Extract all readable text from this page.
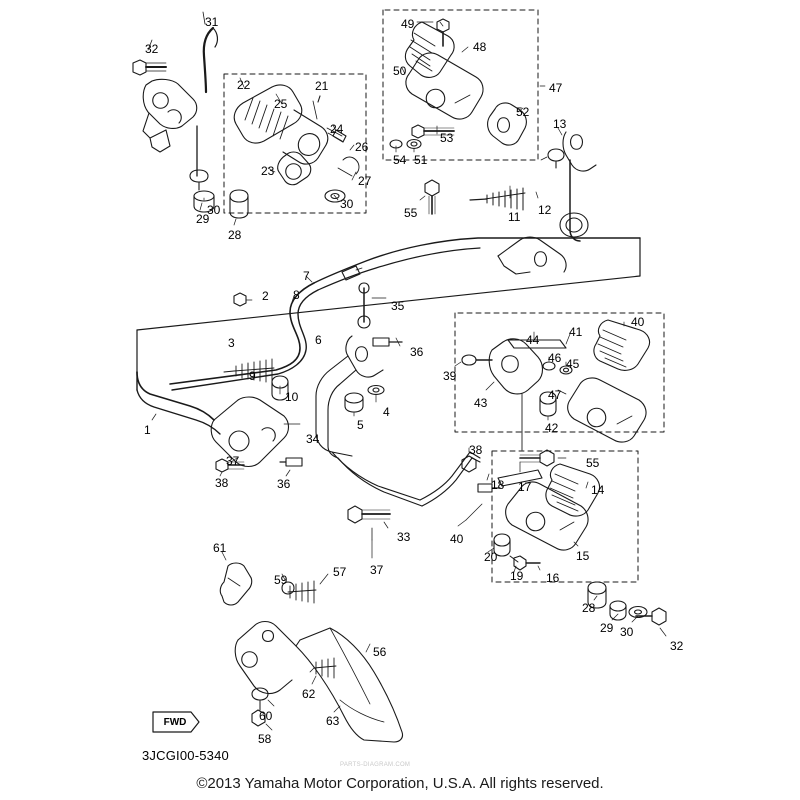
FWD
31	49
32	48
47
50
22	21
25
52
13
24
53
26
23
54 51
27
30
30
29
28
55	11 12
7
2 8
35
3	6
36
44
41
40
46 45
39
9
10	43
47
42
4
5
1
34
38
37
38	36
55
18 17	14
33	40
20	15
19 16
37
61
57
59
28
29 30
32
56
62
63
60
58
3JCGI00-5340
PARTS-DIAGRAM.COM
©2013 Yamaha Motor Corporation, U.S.A. All rights reserved.
